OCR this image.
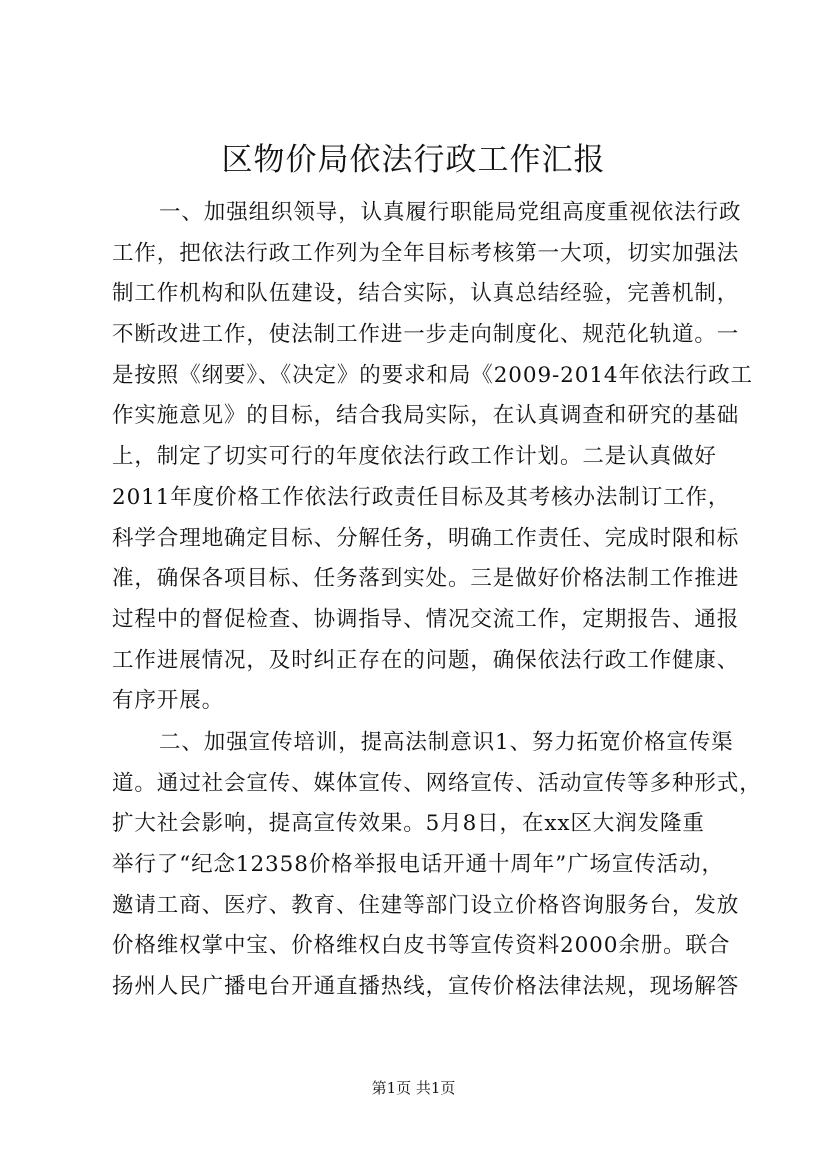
区物价局依法行政工作汇报
一、加强组织领导，认真履行职能局党组高度重视依法行政
工作，把依法行政工作列为全年目标考核第一大项，切实加强法
制工作机构和队伍建设，结合实际，认真总结经验，完善机制，
不断改进工作，使法制工作进一步走向制度化、规范化轨道。一
是按照《纲要》、《决定》的要求和局《2009-2014年依法行政工
作实施意见》的目标，结合我局实际，在认真调查和研究的基础
上，制定了切实可行的年度依法行政工作计划。二是认真做好
2011年度价格工作依法行政责任目标及其考核办法制订工作，
科学合理地确定目标、分解任务，明确工作责任、完成时限和标
准，确保各项目标、任务落到实处。三是做好价格法制工作推进
过程中的督促检查、协调指导、情况交流工作，定期报告、通报
工作进展情况，及时纠正存在的问题，确保依法行政工作健康、
有序开展。
二、加强宣传培训，提高法制意识1、努力拓宽价格宣传渠
道。通过社会宣传、媒体宣传、网络宣传、活动宣传等多种形式，
扩大社会影响，提高宣传效果。5月8日，在xx区大润发隆重
举行了“纪念12358价格举报电话开通十周年”广场宣传活动，
邀请工商、医疗、教育、住建等部门设立价格咨询服务台，发放
价格维权掌中宝、价格维权白皮书等宣传资料2000余册。联合
扬州人民广播电台开通直播热线，宣传价格法律法规，现场解答
第1页 共1页
